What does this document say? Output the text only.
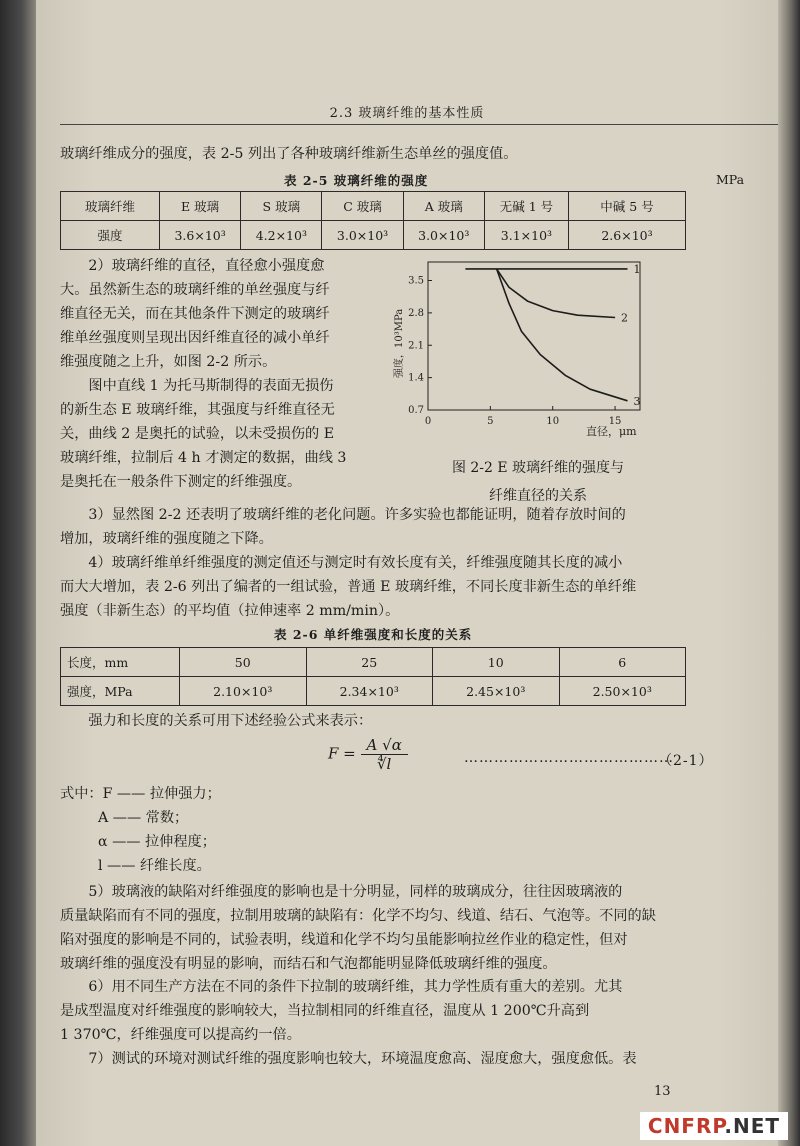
2.3 玻璃纤维的基本性质

玻璃纤维成分的强度，表 2-5 列出了各种玻璃纤维新生态单丝的强度值。

表 2-5 玻璃纤维的强度	MPa
玻璃纤维	E 玻璃	S 玻璃	C 玻璃	A 玻璃	无碱 1 号	中碱 5 号
强度	3.6×10³	4.2×10³	3.0×10³	3.0×10³	3.1×10³	2.6×10³
2）玻璃纤维的直径，直径愈小强度愈
大。虽然新生态的玻璃纤维的单丝强度与纤
维直径无关，而在其他条件下测定的玻璃纤
维单丝强度则呈现出因纤维直径的减小单纤
维强度随之上升，如图 2-2 所示。
图中直线 1 为托马斯制得的表面无损伤
的新生态 E 玻璃纤维，其强度与纤维直径无
关，曲线 2 是奥托的试验，以未受损伤的 E
玻璃纤维，拉制后 4 h 才测定的数据，曲线 3
是奥托在一般条件下测定的纤维强度。
强度，10³MPa
直径，μm
0	5	10	15
0.7
1.4
2.1
2.8
3.5
1
2
3
图 2-2 E 玻璃纤维的强度与
纤维直径的关系
3）显然图 2-2 还表明了玻璃纤维的老化问题。许多实验也都能证明，随着存放时间的
增加，玻璃纤维的强度随之下降。
4）玻璃纤维单纤维强度的测定值还与测定时有效长度有关，纤维强度随其长度的减小
而大大增加，表 2-6 列出了编者的一组试验，普通 E 玻璃纤维，不同长度非新生态的单纤维
强度（非新生态）的平均值（拉伸速率 2 mm/min）。
表 2-6 单纤维强度和长度的关系
长度，mm	50	25	10	6
强度，MPa	2.10×10³	2.34×10³	2.45×10³	2.50×10³

强力和长度的关系可用下述经验公式来表示：

$F = \frac{A √\alpha}{∜l}$	……………………………………
（2-1）
式中：F —— 拉伸强力；
A —— 常数；
α —— 拉伸程度；
l —— 纤维长度。
5）玻璃液的缺陷对纤维强度的影响也是十分明显，同样的玻璃成分，往往因玻璃液的
质量缺陷而有不同的强度，拉制用玻璃的缺陷有：化学不均匀、线道、结石、气泡等。不同的缺
陷对强度的影响是不同的，试验表明，线道和化学不均匀虽能影响拉丝作业的稳定性，但对
玻璃纤维的强度没有明显的影响，而结石和气泡都能明显降低玻璃纤维的强度。
6）用不同生产方法在不同的条件下拉制的玻璃纤维，其力学性质有重大的差别。尤其
是成型温度对纤维强度的影响较大，当拉制相同的纤维直径，温度从 1 200℃升高到
1 370℃，纤维强度可以提高约一倍。
7）测试的环境对测试纤维的强度影响也较大，环境温度愈高、湿度愈大，强度愈低。表
13
CNFRP.NET
